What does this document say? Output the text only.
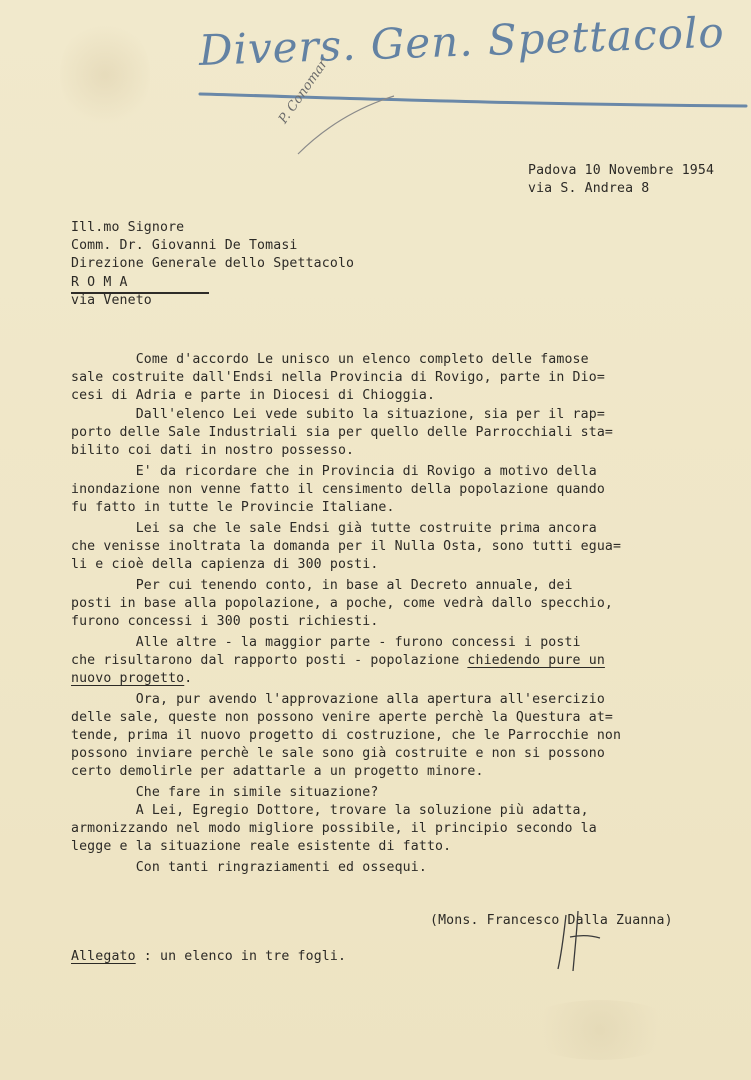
Divers. Gen. Spettacolo
P. Conomar
Padova 10 Novembre 1954
via S. Andrea 8
Ill.mo Signore
Comm. Dr. Giovanni De Tomasi
Direzione Generale dello Spettacolo
R O M A
via Veneto
Come d'accordo Le unisco un elenco completo delle famose
sale costruite dall'Endsi nella Provincia di Rovigo, parte in Dio=
cesi di Adria e parte in Diocesi di Chioggia.
Dall'elenco Lei vede subito la situazione, sia per il rap=
porto delle Sale Industriali sia per quello delle Parrocchiali sta=
bilito coi dati in nostro possesso.
E' da ricordare che in Provincia di Rovigo a motivo della
inondazione non venne fatto il censimento della popolazione quando
fu fatto in tutte le Provincie Italiane.
Lei sa che le sale Endsi già tutte costruite prima ancora
che venisse inoltrata la domanda per il Nulla Osta, sono tutti egua=
li e cioè della capienza di 300 posti.
Per cui tenendo conto, in base al Decreto annuale, dei
posti in base alla popolazione, a poche, come vedrà dallo specchio,
furono concessi i 300 posti richiesti.
Alle altre - la maggior parte - furono concessi i posti
che risultarono dal rapporto posti - popolazione chiedendo pure un
nuovo progetto.
Ora, pur avendo l'approvazione alla apertura all'esercizio
delle sale, queste non possono venire aperte perchè la Questura at=
tende, prima il nuovo progetto di costruzione, che le Parrocchie non
possono inviare perchè le sale sono già costruite e non si possono
certo demolirle per adattarle a un progetto minore.
Che fare in simile situazione?
A Lei, Egregio Dottore, trovare la soluzione più adatta,
armonizzando nel modo migliore possibile, il principio secondo la
legge e la situazione reale esistente di fatto.
Con tanti ringraziamenti ed ossequi.
(Mons. Francesco Dalla Zuanna)
Allegato : un elenco in tre fogli.
